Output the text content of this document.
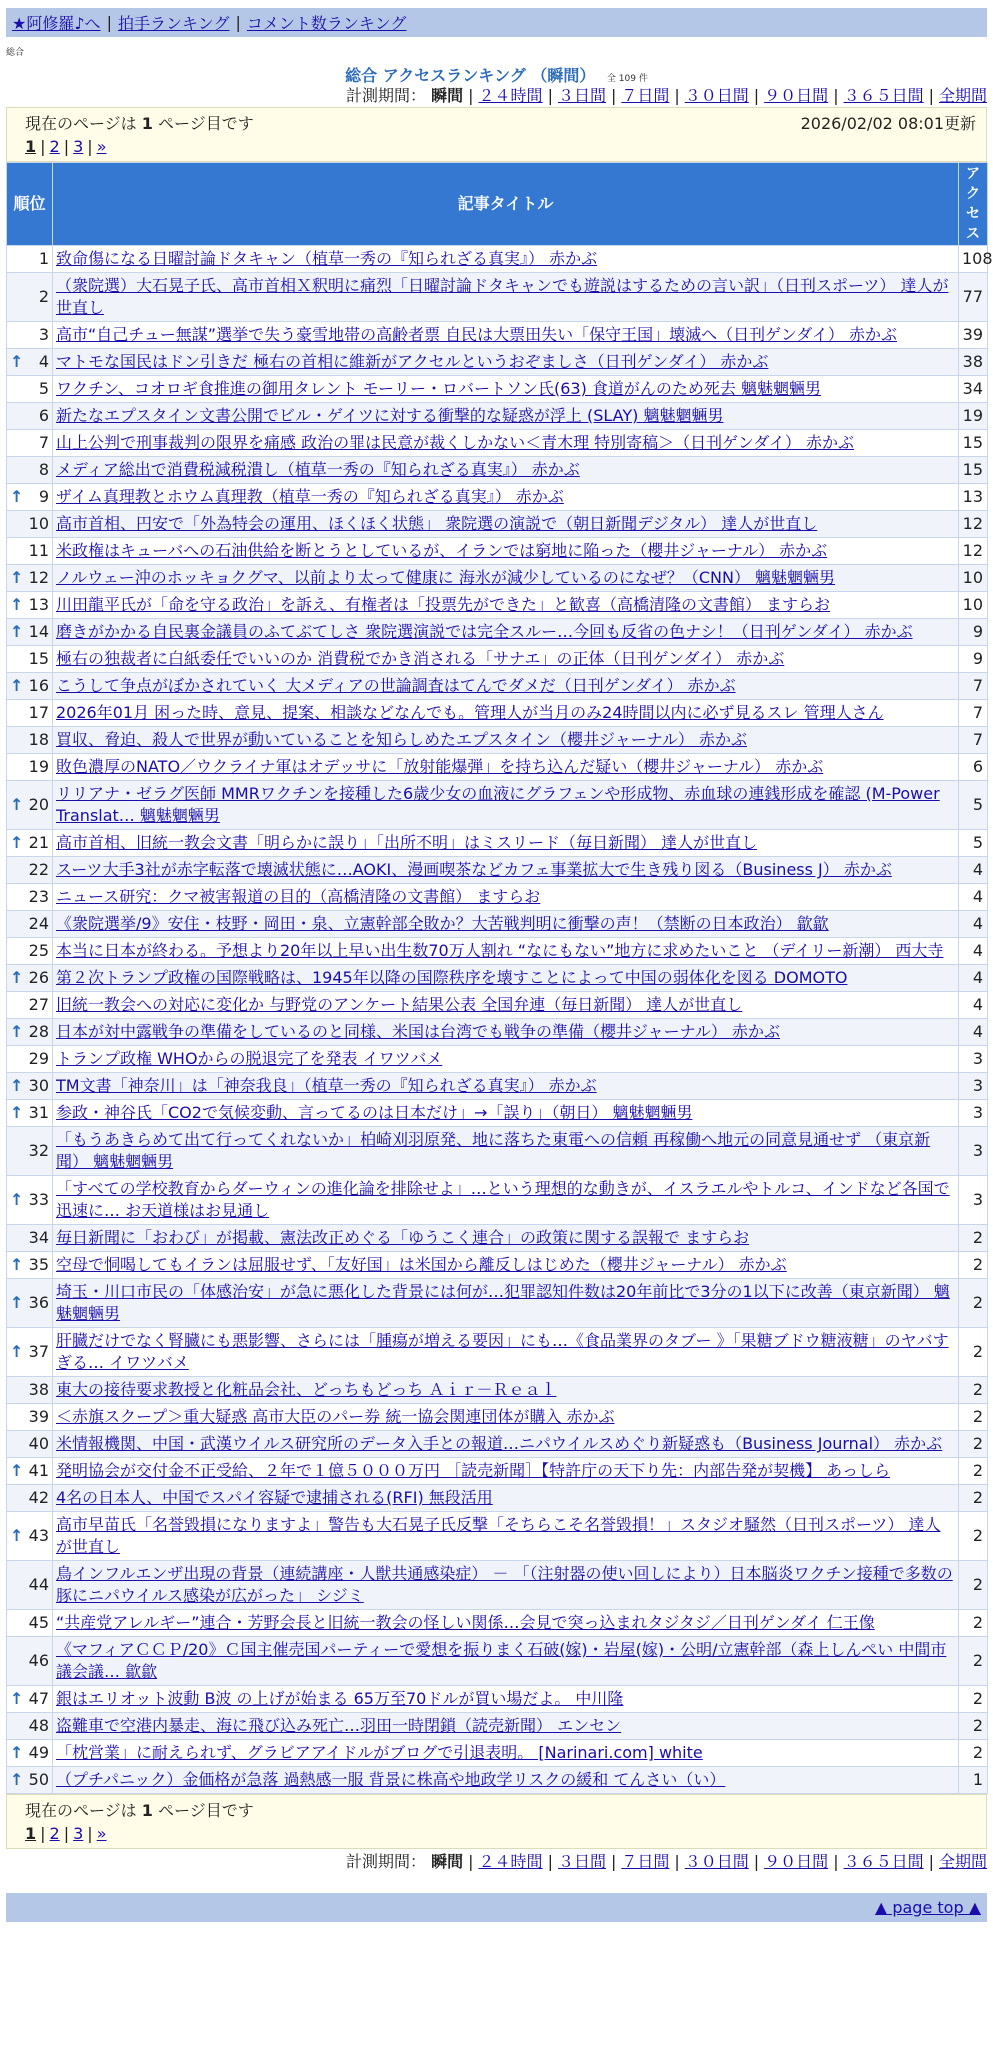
★阿修羅♪へ | 拍手ランキング | コメント数ランキング
総合
総合 アクセスランキング （瞬間） 全 109 件
計測期間： 瞬間 | ２４時間 | ３日間 | ７日間 | ３０日間 | ９０日間 | ３６５日間 | 全期間
現在のページは 1 ページ目です	2026/02/02 08:01更新
1 | 2 | 3 | »
順位	記事タイトル	アクセス
1	致命傷になる日曜討論ドタキャン（植草一秀の『知られざる真実』） 赤かぶ	108
2	（衆院選）大石晃子氏、高市首相Ｘ釈明に痛烈「日曜討論ドタキャンでも遊説はするための言い訳」（日刊スポーツ） 達人が世直し	77
3	高市“自己チュー無謀”選挙で失う豪雪地帯の高齢者票 自民は大票田失い「保守王国」壊滅へ（日刊ゲンダイ） 赤かぶ	39

↑ 4	マトモな国民はドン引きだ 極右の首相に維新がアクセルというおぞましさ（日刊ゲンダイ） 赤かぶ	38
5	ワクチン、コオロギ食推進の御用タレント モーリー・ロバートソン氏(63) 食道がんのため死去 魑魅魍魎男	34
6	新たなエプスタイン文書公開でビル・ゲイツに対する衝撃的な疑惑が浮上 (SLAY) 魑魅魍魎男	19
7	山上公判で刑事裁判の限界を痛感 政治の罪は民意が裁くしかない＜青木理 特別寄稿＞（日刊ゲンダイ） 赤かぶ	15
8	メディア総出で消費税減税潰し（植草一秀の『知られざる真実』） 赤かぶ	15

↑ 9	ザイム真理教とホウム真理教（植草一秀の『知られざる真実』） 赤かぶ	13
10	高市首相、円安で「外為特会の運用、ほくほく状態」 衆院選の演説で（朝日新聞デジタル） 達人が世直し	12
11	米政権はキューバへの石油供給を断とうとしているが、イランでは窮地に陥った（櫻井ジャーナル） 赤かぶ	12

↑ 12	ノルウェー沖のホッキョクグマ、以前より太って健康に 海氷が減少しているのになぜ？（CNN） 魑魅魍魎男	10

↑ 13	川田龍平氏が「命を守る政治」を訴え、有権者は「投票先ができた」と歓喜（高橋清隆の文書館） ますらお	10

↑ 14	磨きがかかる自民裏金議員のふてぶてしさ 衆院選演説では完全スルー…今回も反省の色ナシ！（日刊ゲンダイ） 赤かぶ	9
15	極右の独裁者に白紙委任でいいのか 消費税でかき消される「サナエ」の正体（日刊ゲンダイ） 赤かぶ	9

↑ 16	こうして争点がぼかされていく 大メディアの世論調査はてんでダメだ（日刊ゲンダイ） 赤かぶ	7
17	2026年01月 困った時、意見、提案、相談などなんでも。管理人が当月のみ24時間以内に必ず見るスレ 管理人さん	7
18	買収、脅迫、殺人で世界が動いていることを知らしめたエプスタイン（櫻井ジャーナル） 赤かぶ	7
19	敗色濃厚のNATO／ウクライナ軍はオデッサに「放射能爆弾」を持ち込んだ疑い（櫻井ジャーナル） 赤かぶ	6

↑ 20	リリアナ・ゼラグ医師 MMRワクチンを接種した6歳少女の血液にグラフェンや形成物、赤血球の連銭形成を確認 (M-Power Translat… 魑魅魍魎男	5

↑ 21	高市首相、旧統一教会文書「明らかに誤り」「出所不明」はミスリード（毎日新聞） 達人が世直し	5
22	スーツ大手3社が赤字転落で壊滅状態に…AOKI、漫画喫茶などカフェ事業拡大で生き残り図る（Business J） 赤かぶ	4
23	ニュース研究：クマ被害報道の目的（高橋清隆の文書館） ますらお	4
24	《衆院選挙/9》安住・枝野・岡田・泉、立憲幹部全敗か？大苦戦判明に衝撃の声！（禁断の日本政治） 歙歙	4
25	本当に日本が終わる。予想より20年以上早い出生数70万人割れ “なにもない”地方に求めたいこと （デイリー新潮） 西大寺	4

↑ 26	第２次トランプ政権の国際戦略は、1945年以降の国際秩序を壊すことによって中国の弱体化を図る DOMOTO	4
27	旧統一教会への対応に変化か 与野党のアンケート結果公表 全国弁連（毎日新聞） 達人が世直し	4

↑ 28	日本が対中露戦争の準備をしているのと同様、米国は台湾でも戦争の準備（櫻井ジャーナル） 赤かぶ	4
29	トランプ政権 WHOからの脱退完了を発表 イワツバメ	3

↑ 30	TM文書「神奈川」は「神奈我良」（植草一秀の『知られざる真実』） 赤かぶ	3

↑ 31	参政・神谷氏「CO2で気候変動、言ってるのは日本だけ」→「誤り」（朝日） 魑魅魍魎男	3
32	「もうあきらめて出て行ってくれないか」柏崎刈羽原発、地に落ちた東電への信頼 再稼働へ地元の同意見通せず （東京新聞） 魑魅魍魎男	3

↑ 33	「すべての学校教育からダーウィンの進化論を排除せよ」…という理想的な動きが、イスラエルやトルコ、インドなど各国で迅速に… お天道様はお見通し	3
34	毎日新聞に「おわび」が掲載、憲法改正めぐる「ゆうこく連合」の政策に関する誤報で ますらお	2

↑ 35	空母で恫喝してもイランは屈服せず、「友好国」は米国から離反しはじめた（櫻井ジャーナル） 赤かぶ	2

↑ 36	埼玉・川口市民の「体感治安」が急に悪化した背景には何が…犯罪認知件数は20年前比で3分の1以下に改善（東京新聞） 魑魅魍魎男	2

↑ 37	肝臓だけでなく腎臓にも悪影響、さらには「腫瘍が増える要因」にも…《食品業界のタブー 》「果糖ブドウ糖液糖」のヤバすぎる… イワツバメ	2
38	東大の接待要求教授と化粧品会社、どっちもどっち Ａｉｒ－Ｒｅａｌ	2
39	＜赤旗スクープ＞重大疑惑 高市大臣のパー券 統一協会関連団体が購入 赤かぶ	2
40	米情報機関、中国・武漢ウイルス研究所のデータ入手との報道…ニパウイルスめぐり新疑惑も（Business Journal） 赤かぶ	2

↑ 41	発明協会が交付金不正受給、２年で１億５０００万円 ［読売新聞］【特許庁の天下り先：内部告発が契機】 あっしら	2
42	4名の日本人、中国でスパイ容疑で逮捕される(RFI) 無段活用	2

↑ 43	高市早苗氏「名誉毀損になりますよ」警告も大石晃子氏反撃「そちらこそ名誉毀損！」スタジオ騒然（日刊スポーツ） 達人が世直し	2
44	鳥インフルエンザ出現の背景（連続講座・人獣共通感染症） － 「（注射器の使い回しにより）日本脳炎ワクチン接種で多数の豚にニパウイルス感染が広がった」 シジミ	2
45	“共産党アレルギー”連合・芳野会長と旧統一教会の怪しい関係…会見で突っ込まれタジタジ／日刊ゲンダイ 仁王像	2
46	《マフィアＣＣＰ/20》Ｃ国主催売国パーティーで愛想を振りまく石破(嫁)・岩屋(嫁)・公明/立憲幹部（森上しんぺい 中間市議会議… 歙歙	2

↑ 47	銀はエリオット波動 B波 の上げが始まる 65万至70ドルが買い場だよ。 中川隆	2
48	盗難車で空港内暴走、海に飛び込み死亡…羽田一時閉鎖（読売新聞） エンセン	2

↑ 49	「枕営業」に耐えられず、グラビアアイドルがブログで引退表明。 [Narinari.com] white	2

↑ 50	（プチパニック）金価格が急落 過熱感一服 背景に株高や地政学リスクの緩和 てんさい（い）	1
現在のページは 1 ページ目です
1 | 2 | 3 | »
計測期間： 瞬間 | ２４時間 | ３日間 | ７日間 | ３０日間 | ９０日間 | ３６５日間 | 全期間
▲ page top ▲
